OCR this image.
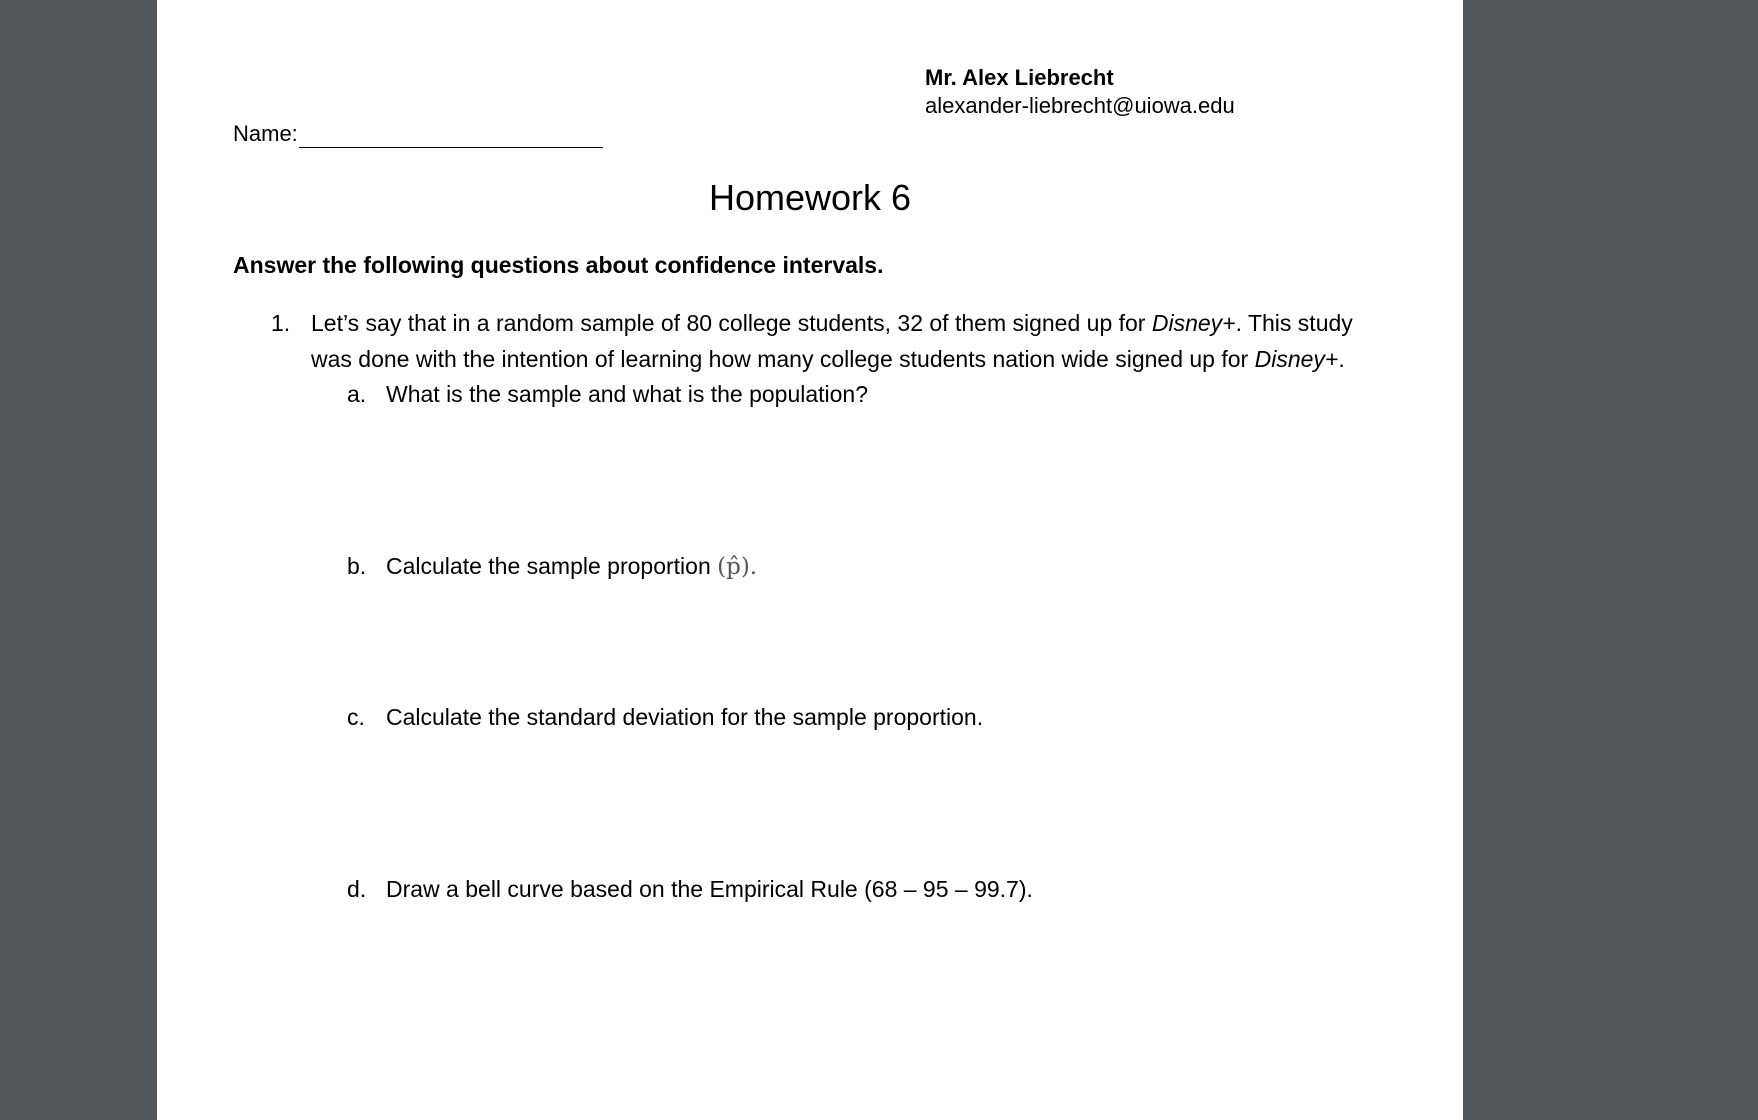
Mr. Alex Liebrecht
alexander-liebrecht@uiowa.edu
Name:
Homework 6
Answer the following questions about confidence intervals.
1. Let’s say that in a random sample of 80 college students, 32 of them signed up for Disney+. This study was done with the intention of learning how many college students nation wide signed up for Disney+.
a. What is the sample and what is the population?
b. Calculate the sample proportion (p̂).
c. Calculate the standard deviation for the sample proportion.
d. Draw a bell curve based on the Empirical Rule (68 – 95 – 99.7).
